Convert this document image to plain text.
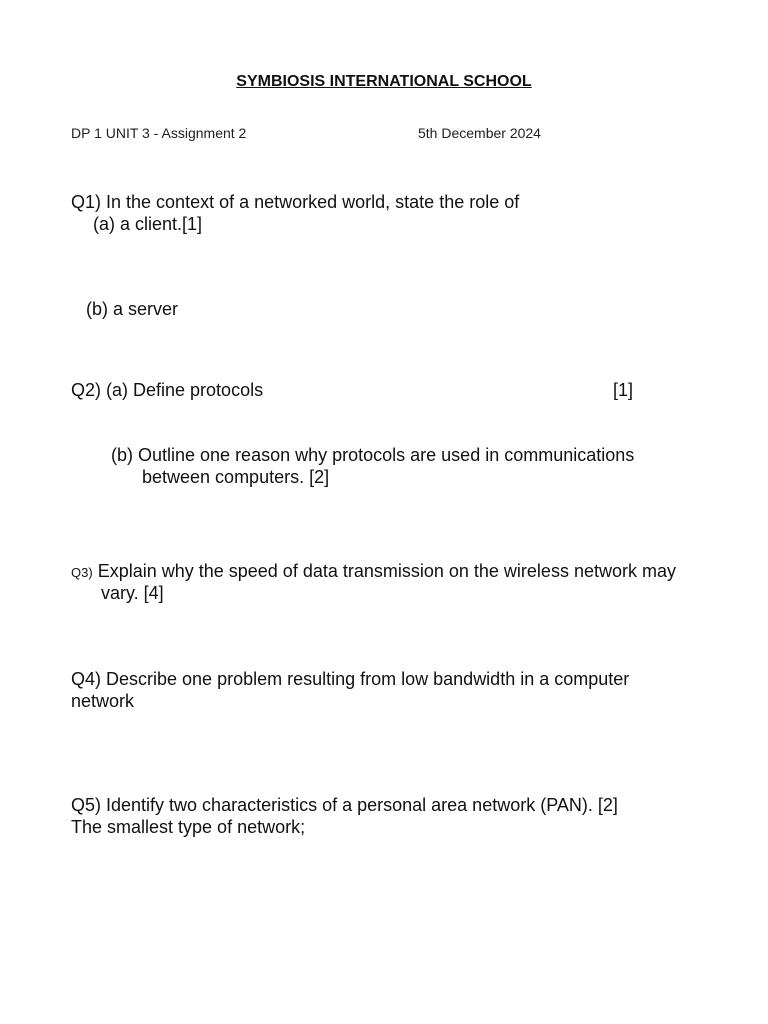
SYMBIOSIS INTERNATIONAL SCHOOL
DP 1 UNIT 3 - Assignment 2	5th December 2024
Q1) In the context of a networked world, state the role of
(a) a client.[1]
(b) a server
Q2) (a) Define protocols	[1]
(b) Outline one reason why protocols are used in communications
between computers. [2]
Q3) Explain why the speed of data transmission on the wireless network may
vary. [4]
Q4) Describe one problem resulting from low bandwidth in a computer
network
Q5) Identify two characteristics of a personal area network (PAN). [2]
The smallest type of network;
